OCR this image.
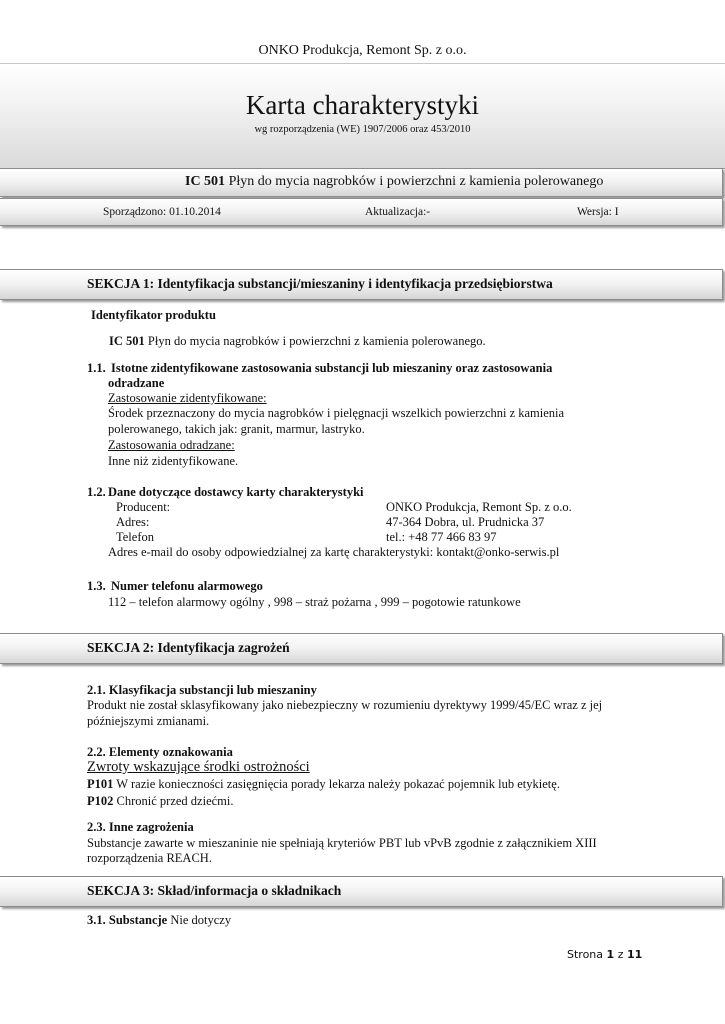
ONKO Produkcja, Remont Sp. z o.o.
Karta charakterystyki
wg rozporządzenia (WE) 1907/2006 oraz 453/2010
IC 501 Płyn do mycia nagrobków i powierzchni z kamienia polerowanego
Sporządzono: 01.10.2014	Aktualizacja:-	Wersja: I
SEKCJA 1: Identyfikacja substancji/mieszaniny i identyfikacja przedsiębiorstwa
Identyfikator produktu
IC 501 Płyn do mycia nagrobków i powierzchni z kamienia polerowanego.
1.1. Istotne zidentyfikowane zastosowania substancji lub mieszaniny oraz zastosowania
odradzane
Zastosowanie zidentyfikowane:
Środek przeznaczony do mycia nagrobków i pielęgnacji wszelkich powierzchni z kamienia
polerowanego, takich jak: granit, marmur, lastryko.
Zastosowania odradzane:
Inne niż zidentyfikowane.
1.2. Dane dotyczące dostawcy karty charakterystyki
Producent:	ONKO Produkcja, Remont Sp. z o.o.
Adres:	47-364 Dobra, ul. Prudnicka 37
Telefon	tel.: +48 77 466 83 97
Adres e-mail do osoby odpowiedzialnej za kartę charakterystyki: kontakt@onko-serwis.pl
1.3. Numer telefonu alarmowego
112 – telefon alarmowy ogólny , 998 – straż pożarna , 999 – pogotowie ratunkowe
SEKCJA 2: Identyfikacja zagrożeń
2.1. Klasyfikacja substancji lub mieszaniny
Produkt nie został sklasyfikowany jako niebezpieczny w rozumieniu dyrektywy 1999/45/EC wraz z jej
późniejszymi zmianami.
2.2. Elementy oznakowania
Zwroty wskazujące środki ostrożności
P101 W razie konieczności zasięgnięcia porady lekarza należy pokazać pojemnik lub etykietę.
P102 Chronić przed dziećmi.
2.3. Inne zagrożenia
Substancje zawarte w mieszaninie nie spełniają kryteriów PBT lub vPvB zgodnie z załącznikiem XIII
rozporządzenia REACH.
SEKCJA 3: Skład/informacja o składnikach
3.1. Substancje Nie dotyczy
Strona 1 z 11
